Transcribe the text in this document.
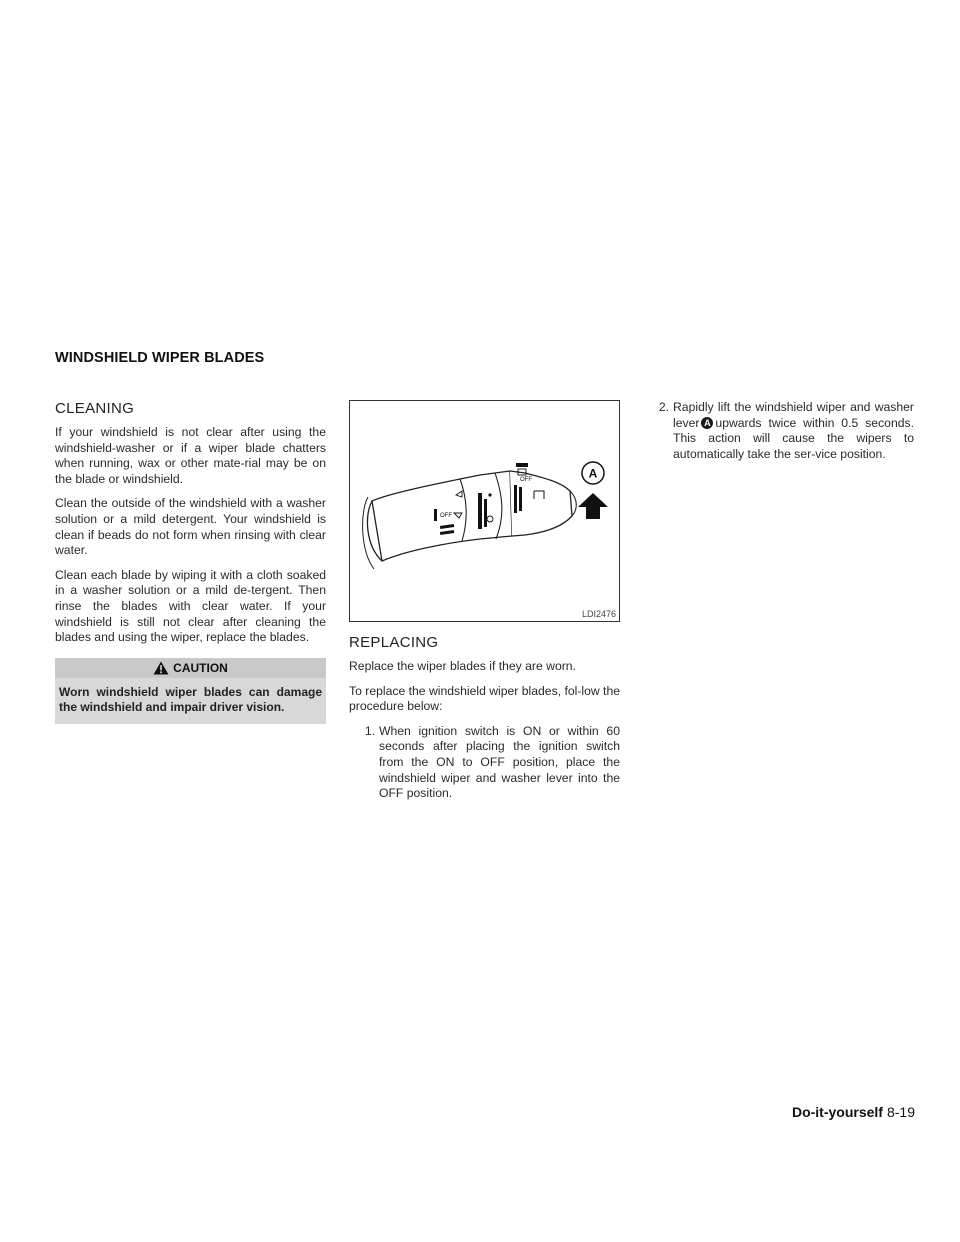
WINDSHIELD WIPER BLADES
CLEANING

If your windshield is not clear after using the windshield-washer or if a wiper blade chatters when running, wax or other mate-rial may be on the blade or windshield.

Clean the outside of the windshield with a washer solution or a mild detergent. Your windshield is clean if beads do not form when rinsing with clear water.

Clean each blade by wiping it with a cloth soaked in a washer solution or a mild de-tergent. Then rinse the blades with clear water. If your windshield is still not clear after cleaning the blades and using the wiper, replace the blades.

CAUTION
Worn windshield wiper blades can damage the windshield and impair driver vision.
OFF
OFF	A
LDI2476
REPLACING

Replace the wiper blades if they are worn.

To replace the windshield wiper blades, fol-low the procedure below:

1. When ignition switch is ON or within 60 seconds after placing the ignition switch from the ON to OFF position, place the windshield wiper and washer lever into the OFF position.
2. Rapidly lift the windshield wiper and washer lever A upwards twice within 0.5 seconds. This action will cause the wipers to automatically take the ser-vice position.
Do-it-yourself 8-19
